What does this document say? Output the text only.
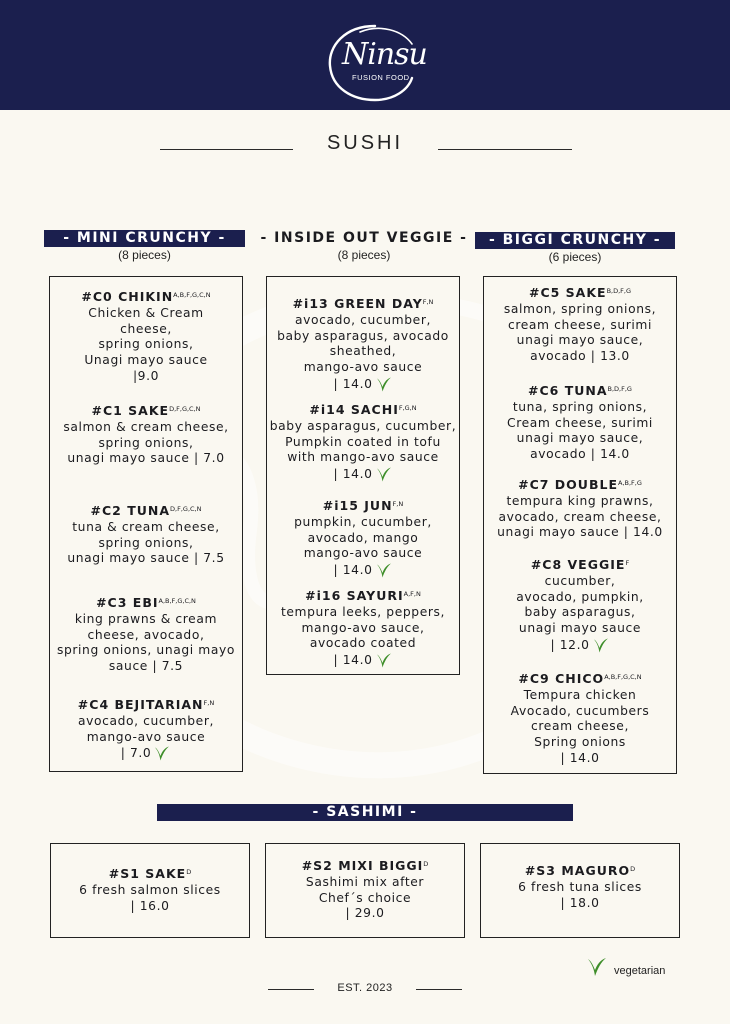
Ninsu
FUSION FOOD
SUSHI
- MINI CRUNCHY -
(8 pieces)
- INSIDE OUT VEGGIE -
(8 pieces)
- BIGGI CRUNCHY -
(6 pieces)
#C0 $CHIKIN^{A,B,F,G,C,N}$
Chicken & Cream
cheese,
spring onions,
Unagi mayo sauce
|9.0
#C1 $SAKE^{D,F,G,C,N}$
salmon & cream cheese,
spring onions,
unagi mayo sauce | 7.0
#C2 $TUNA^{D,F,G,C,N}$
tuna & cream cheese,
spring onions,
unagi mayo sauce | 7.5
#C3 $EBI^{A,B,F,G,C,N}$
king prawns & cream
cheese, avocado,
spring onions, unagi mayo
sauce | 7.5
#C4 $BEJITARIAN^{F,N}$
avocado, cucumber,
mango-avo sauce
| 7.0
#i13 GREEN $DAY^{F,N}$
avocado, cucumber,
baby asparagus, avocado
sheathed,
mango-avo sauce
| 14.0
#i14 $SACHI^{F,G,N}$
baby asparagus, cucumber,
Pumpkin coated in tofu
with mango-avo sauce
| 14.0
#i15 $JUN^{F,N}$
pumpkin, cucumber,
avocado, mango
mango-avo sauce
| 14.0
#i16 $SAYURI^{A,F,N}$
tempura leeks, peppers,
mango-avo sauce,
avocado coated
| 14.0
#C5 $SAKE^{B,D,F,G}$
salmon, spring onions,
cream cheese, surimi
unagi mayo sauce,
avocado | 13.0
#C6 $TUNA^{B,D,F,G}$
tuna, spring onions,
Cream cheese, surimi
unagi mayo sauce,
avocado | 14.0
#C7 $DOUBLE^{A,B,F,G}$
tempura king prawns,
avocado, cream cheese,
unagi mayo sauce | 14.0
#C8 $VEGGIE^F$
cucumber,
avocado, pumpkin,
baby asparagus,
unagi mayo sauce
| 12.0
#C9 $CHICO^{A,B,F,G,C,N}$
Tempura chicken
Avocado, cucumbers
cream cheese,
Spring onions
| 14.0
- SASHIMI -
#S1 $SAKE^D$
6 fresh salmon slices
| 16.0
#S2 MIXI $BIGGI^D$
Sashimi mix after
Chef´s choice
| 29.0
#S3 $MAGURO^D$
6 fresh tuna slices
| 18.0
vegetarian
EST. 2023
